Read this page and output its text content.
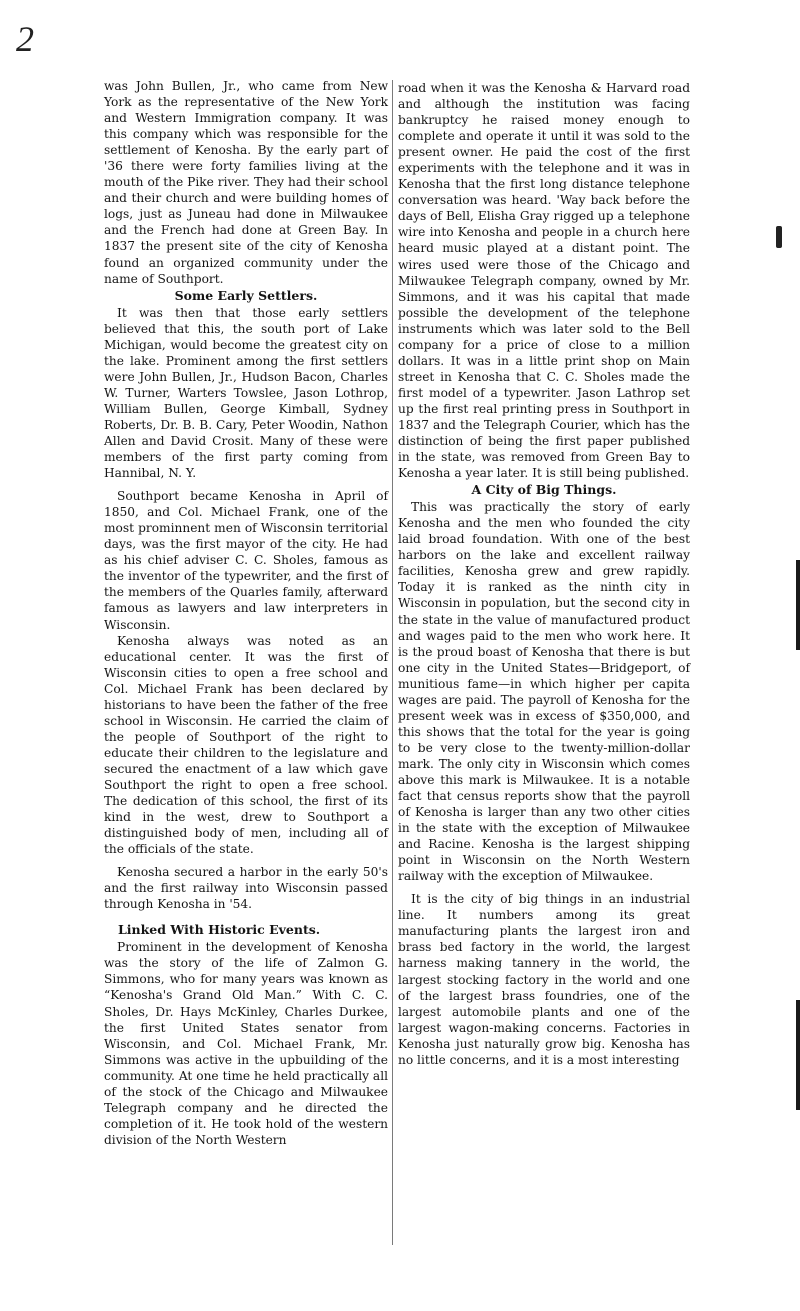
2

was John Bullen, Jr., who came from New York as the representative of the New York and Western Immigration company. It was this company which was responsible for the settlement of Kenosha. By the early part of '36 there were forty families living at the mouth of the Pike river. They had their school and their church and were building homes of logs, just as Juneau had done in Milwaukee and the French had done at Green Bay. In 1837 the present site of the city of Kenosha found an organized community under the name of Southport.

Some Early Settlers.

It was then that those early settlers believed that this, the south port of Lake Michigan, would become the greatest city on the lake. Prominent among the first settlers were John Bullen, Jr., Hudson Bacon, Charles W. Turner, Warters Towslee, Jason Lothrop, William Bullen, George Kimball, Sydney Roberts, Dr. B. B. Cary, Peter Woodin, Nathon Allen and David Crosit. Many of these were members of the first party coming from Hannibal, N. Y.

Southport became Kenosha in April of 1850, and Col. Michael Frank, one of the most prominnent men of Wisconsin territorial days, was the first mayor of the city. He had as his chief adviser C. C. Sholes, famous as the inventor of the typewriter, and the first of the members of the Quarles family, afterward famous as lawyers and law interpreters in Wisconsin.

Kenosha always was noted as an educational center. It was the first of Wisconsin cities to open a free school and Col. Michael Frank has been declared by historians to have been the father of the free school in Wisconsin. He carried the claim of the people of Southport of the right to educate their children to the legislature and secured the enactment of a law which gave Southport the right to open a free school. The dedication of this school, the first of its kind in the west, drew to Southport a distinguished body of men, including all of the officials of the state.

Kenosha secured a harbor in the early 50's and the first railway into Wisconsin passed through Kenosha in '54.

Linked With Historic Events.

Prominent in the development of Kenosha was the story of the life of Zalmon G. Simmons, who for many years was known as “Kenosha's Grand Old Man.” With C. C. Sholes, Dr. Hays McKinley, Charles Durkee, the first United States senator from Wisconsin, and Col. Michael Frank, Mr. Simmons was active in the upbuilding of the community. At one time he held practically all of the stock of the Chicago and Milwaukee Telegraph company and he directed the completion of it. He took hold of the western division of the North Western

road when it was the Kenosha & Harvard road and although the institution was facing bankruptcy he raised money enough to complete and operate it until it was sold to the present owner. He paid the cost of the first experiments with the telephone and it was in Kenosha that the first long distance telephone conversation was heard. 'Way back before the days of Bell, Elisha Gray rigged up a telephone wire into Kenosha and people in a church here heard music played at a distant point. The wires used were those of the Chicago and Milwaukee Telegraph company, owned by Mr. Simmons, and it was his capital that made possible the development of the telephone instruments which was later sold to the Bell company for a price of close to a million dollars. It was in a little print shop on Main street in Kenosha that C. C. Sholes made the first model of a typewriter. Jason Lathrop set up the first real printing press in Southport in 1837 and the Telegraph Courier, which has the distinction of being the first paper published in the state, was removed from Green Bay to Kenosha a year later. It is still being published.

A City of Big Things.

This was practically the story of early Kenosha and the men who founded the city laid broad foundation. With one of the best harbors on the lake and excellent railway facilities, Kenosha grew and grew rapidly. Today it is ranked as the ninth city in Wisconsin in population, but the second city in the state in the value of manufactured product and wages paid to the men who work here. It is the proud boast of Kenosha that there is but one city in the United States—Bridgeport, of munitious fame—in which higher per capita wages are paid. The payroll of Kenosha for the present week was in excess of $350,000, and this shows that the total for the year is going to be very close to the twenty-million-dollar mark. The only city in Wisconsin which comes above this mark is Milwaukee. It is a notable fact that census reports show that the payroll of Kenosha is larger than any two other cities in the state with the exception of Milwaukee and Racine. Kenosha is the largest shipping point in Wisconsin on the North Western railway with the exception of Milwaukee.

It is the city of big things in an industrial line. It numbers among its great manufacturing plants the largest iron and brass bed factory in the world, the largest harness making tannery in the world, the largest stocking factory in the world and one of the largest brass foundries, one of the largest automobile plants and one of the largest wagon-making concerns. Factories in Kenosha just naturally grow big. Kenosha has no little concerns, and it is a most interesting
